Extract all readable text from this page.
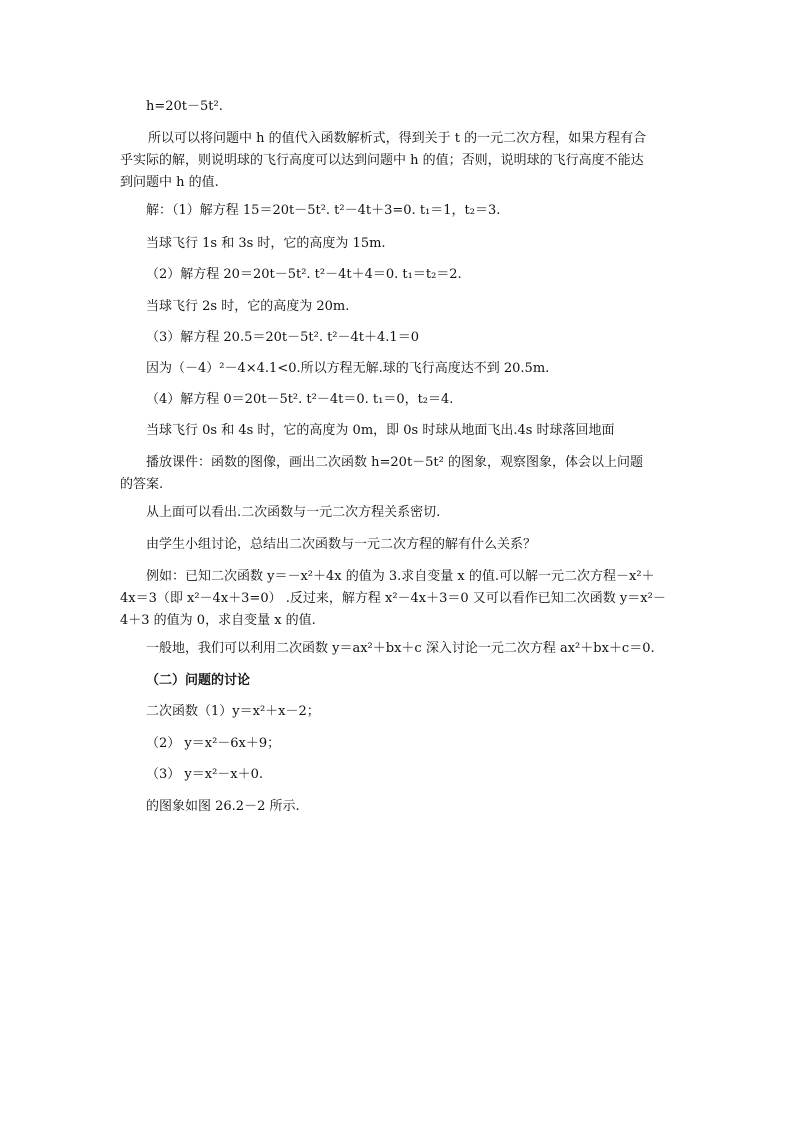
h=20t－5t².

所以可以将问题中 h 的值代入函数解析式，得到关于 t 的一元二次方程，如果方程有合
乎实际的解，则说明球的飞行高度可以达到问题中 h 的值；否则，说明球的飞行高度不能达
到问题中 h 的值.

解：（1）解方程 15＝20t－5t². t²－4t＋3=0. t₁＝1，t₂＝3.

当球飞行 1s 和 3s 时，它的高度为 15m.

（2）解方程 20＝20t－5t². t²－4t＋4＝0. t₁＝t₂＝2.

当球飞行 2s 时，它的高度为 20m.

（3）解方程 20.5＝20t－5t². t²－4t＋4.1＝0

因为（－4）²－4×4.1<0.所以方程无解.球的飞行高度达不到 20.5m.

（4）解方程 0＝20t－5t². t²－4t＝0. t₁＝0，t₂＝4.

当球飞行 0s 和 4s 时，它的高度为 0m，即 0s 时球从地面飞出.4s 时球落回地面

播放课件：函数的图像，画出二次函数 h=20t－5t² 的图象，观察图象，体会以上问题
的答案.

从上面可以看出.二次函数与一元二次方程关系密切.

由学生小组讨论，总结出二次函数与一元二次方程的解有什么关系？

例如：已知二次函数 y＝－x²＋4x 的值为 3.求自变量 x 的值.可以解一元二次方程－x²＋
4x＝3（即 x²－4x＋3=0） .反过来，解方程 x²－4x＋3＝0 又可以看作已知二次函数 y＝x²－
4＋3 的值为 0，求自变量 x 的值.

一般地，我们可以利用二次函数 y＝ax²＋bx＋c 深入讨论一元二次方程 ax²＋bx＋c＝0.

（二）问题的讨论

二次函数（1）y＝x²＋x－2；

（2） y＝x²－6x＋9；

（3） y＝x²－x＋0.

的图象如图 26.2－2 所示.
